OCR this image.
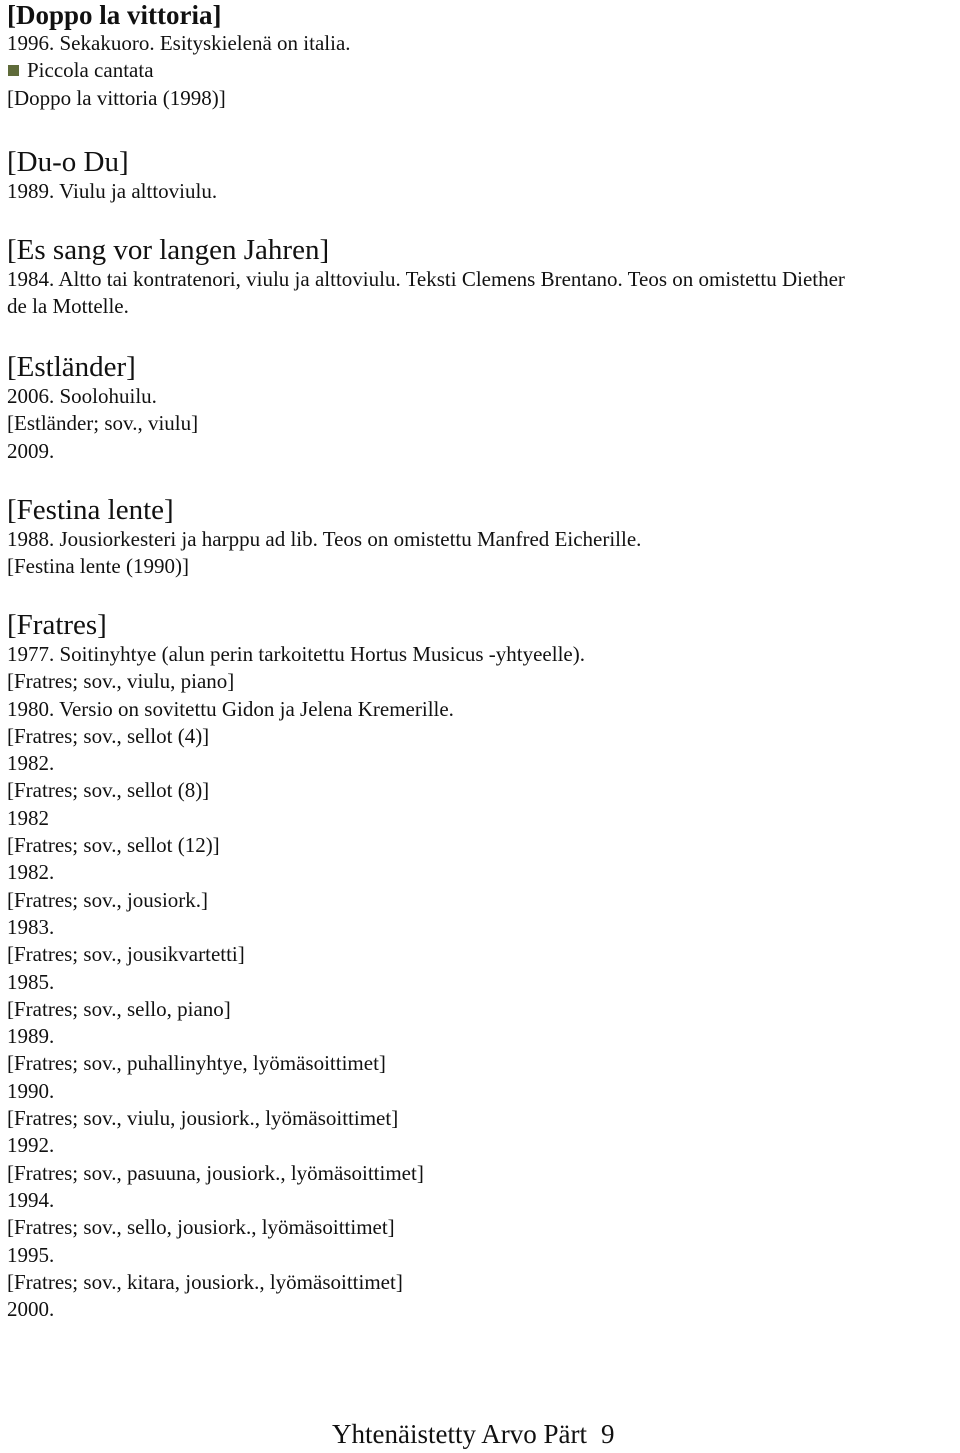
[Doppo la vittoria]
1996. Sekakuoro. Esityskielenä on italia.
Piccola cantata
[Doppo la vittoria (1998)]
[Du-o Du]
1989. Viulu ja alttoviulu.
[Es sang vor langen Jahren]
1984. Altto tai kontratenori, viulu ja alttoviulu. Teksti Clemens Brentano. Teos on omistettu Diether
de la Mottelle.
[Estländer]
2006. Soolohuilu.
[Estländer; sov., viulu]
2009.
[Festina lente]
1988. Jousiorkesteri ja harppu ad lib. Teos on omistettu Manfred Eicherille.
[Festina lente (1990)]
[Fratres]
1977. Soitinyhtye (alun perin tarkoitettu Hortus Musicus -yhtyeelle).
[Fratres; sov., viulu, piano]
1980. Versio on sovitettu Gidon ja Jelena Kremerille.
[Fratres; sov., sellot (4)]
1982.
[Fratres; sov., sellot (8)]
1982
[Fratres; sov., sellot (12)]
1982.
[Fratres; sov., jousiork.]
1983.
[Fratres; sov., jousikvartetti]
1985.
[Fratres; sov., sello, piano]
1989.
[Fratres; sov., puhallinyhtye, lyömäsoittimet]
1990.
[Fratres; sov., viulu, jousiork., lyömäsoittimet]
1992.
[Fratres; sov., pasuuna, jousiork., lyömäsoittimet]
1994.
[Fratres; sov., sello, jousiork., lyömäsoittimet]
1995.
[Fratres; sov., kitara, jousiork., lyömäsoittimet]
2000.
Yhtenäistetty Arvo Pärt 9
